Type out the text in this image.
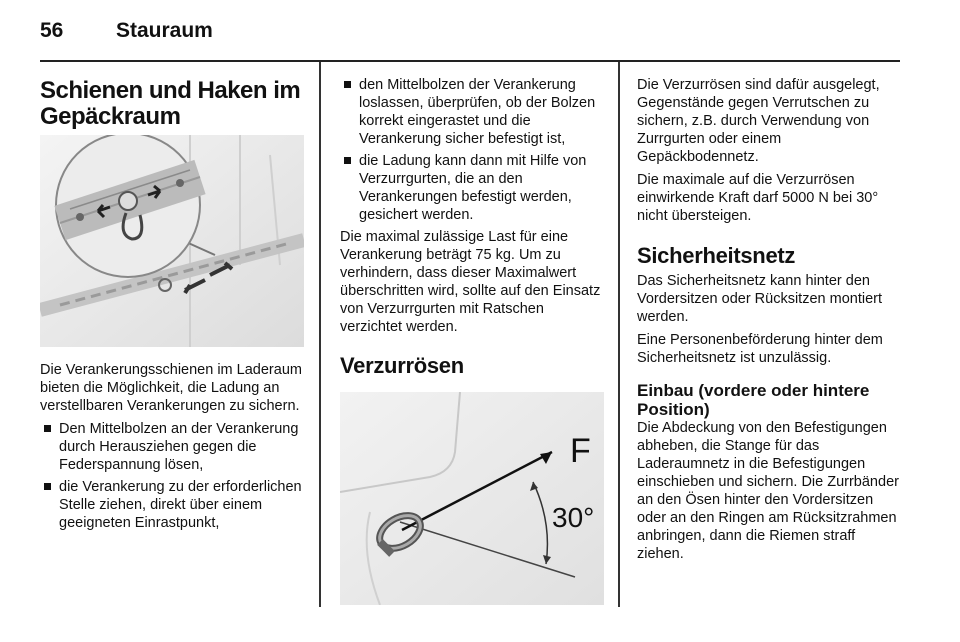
56	Stauraum
Schienen und Haken im Gepäckraum

Die Verankerungsschienen im Laderaum bieten die Möglichkeit, die Ladung an verstellbaren Verankerungen zu sichern.

Den Mittelbolzen an der Verankerung durch Herausziehen gegen die Federspannung lösen,
die Verankerung zu der erforderlichen Stelle ziehen, direkt über einem geeigneten Einrastpunkt,
den Mittelbolzen der Verankerung loslassen, überprüfen, ob der Bolzen korrekt eingerastet und die Verankerung sicher befestigt ist,
die Ladung kann dann mit Hilfe von Verzurrgurten, die an den Verankerungen befestigt werden, gesichert werden.

Die maximal zulässige Last für eine Verankerung beträgt 75 kg. Um zu verhindern, dass dieser Maximalwert überschritten wird, sollte auf den Einsatz von Verzurrgurten mit Ratschen verzichtet werden.

Verzurrösen
F
30°

Die Verzurrösen sind dafür ausgelegt, Gegenstände gegen Verrutschen zu sichern, z.B. durch Verwendung von Zurrgurten oder einem Gepäckbodennetz.

Die maximale auf die Verzurrösen einwirkende Kraft darf 5000 N bei 30° nicht übersteigen.

Sicherheitsnetz

Das Sicherheitsnetz kann hinter den Vordersitzen oder Rücksitzen montiert werden.

Eine Personenbeförderung hinter dem Sicherheitsnetz ist unzulässig.

Einbau (vordere oder hintere Position)

Die Abdeckung von den Befestigungen abheben, die Stange für das Laderaumnetz in die Befestigungen einschieben und sichern. Die Zurrbänder an den Ösen hinter den Vordersitzen oder an den Ringen am Rücksitzrahmen anbringen, dann die Riemen straff ziehen.
